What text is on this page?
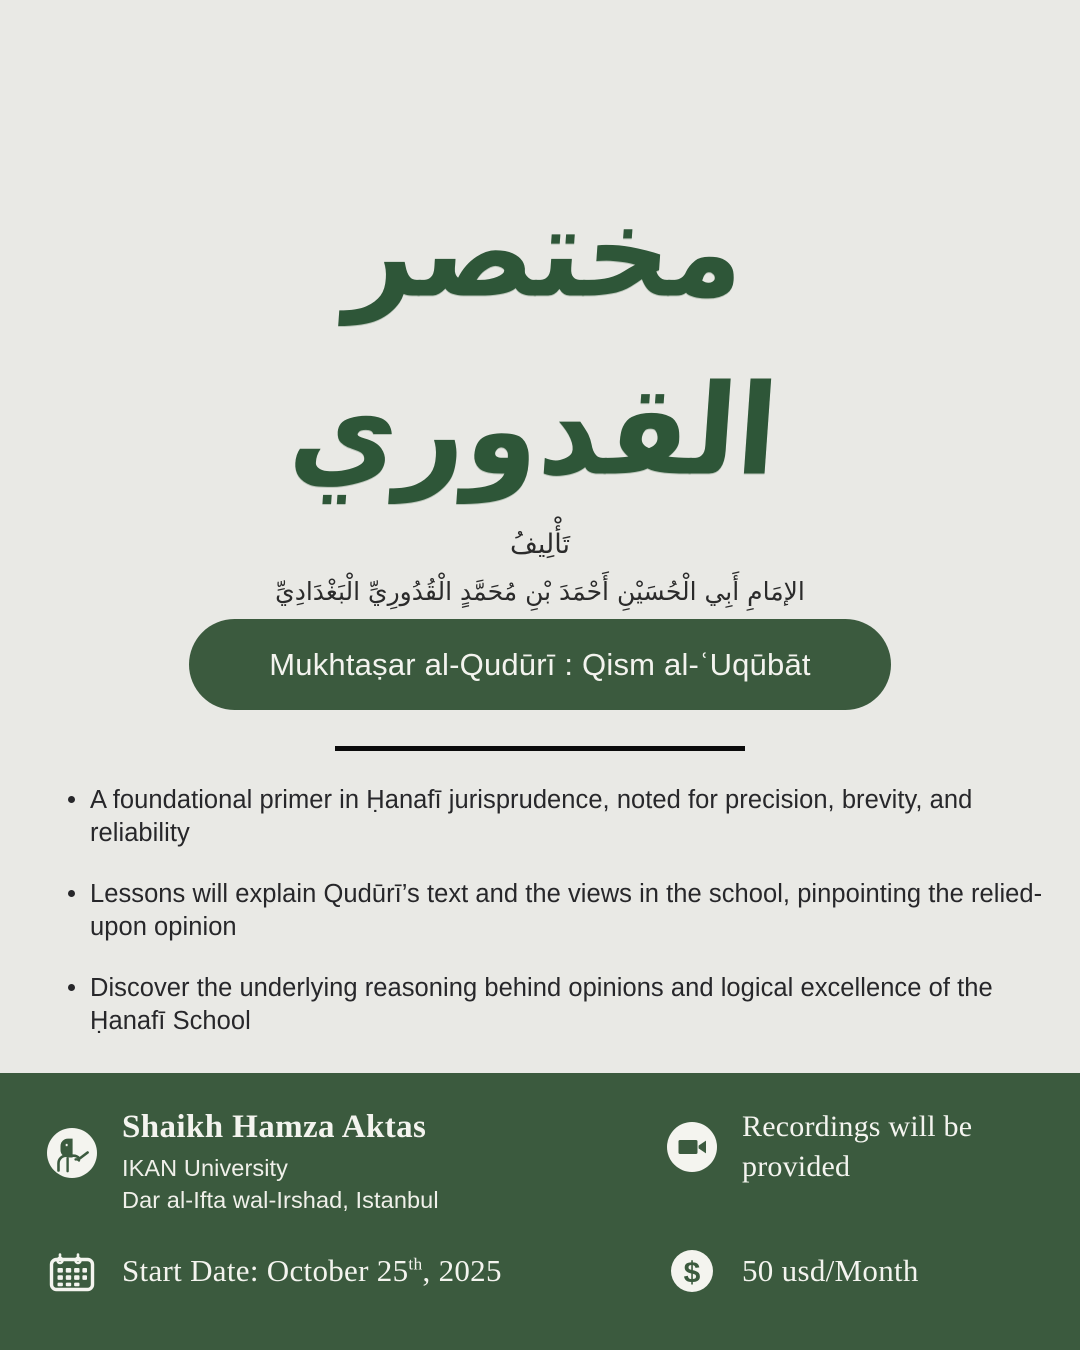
مختصر القدوري
تَأْلِيفُ
الإمَامِ أَبِي الْحُسَيْنِ أَحْمَدَ بْنِ مُحَمَّدٍ الْقُدُورِيِّ الْبَغْدَادِيِّ
Mukhtaṣar al-Qudūrī : Qism al-ʿUqūbāt
A foundational primer in Ḥanafī jurisprudence, noted for precision, brevity, and reliability
Lessons will explain Qudūrī’s text and the views in the school, pinpointing the relied-upon opinion
Discover the underlying reasoning behind opinions and logical excellence of the Ḥanafī School
Shaikh Hamza Aktas
IKAN University
Dar al-Ifta wal-Irshad, Istanbul
Recordings will be provided
Start Date: October 25th, 2025	$ 50 usd/Month
